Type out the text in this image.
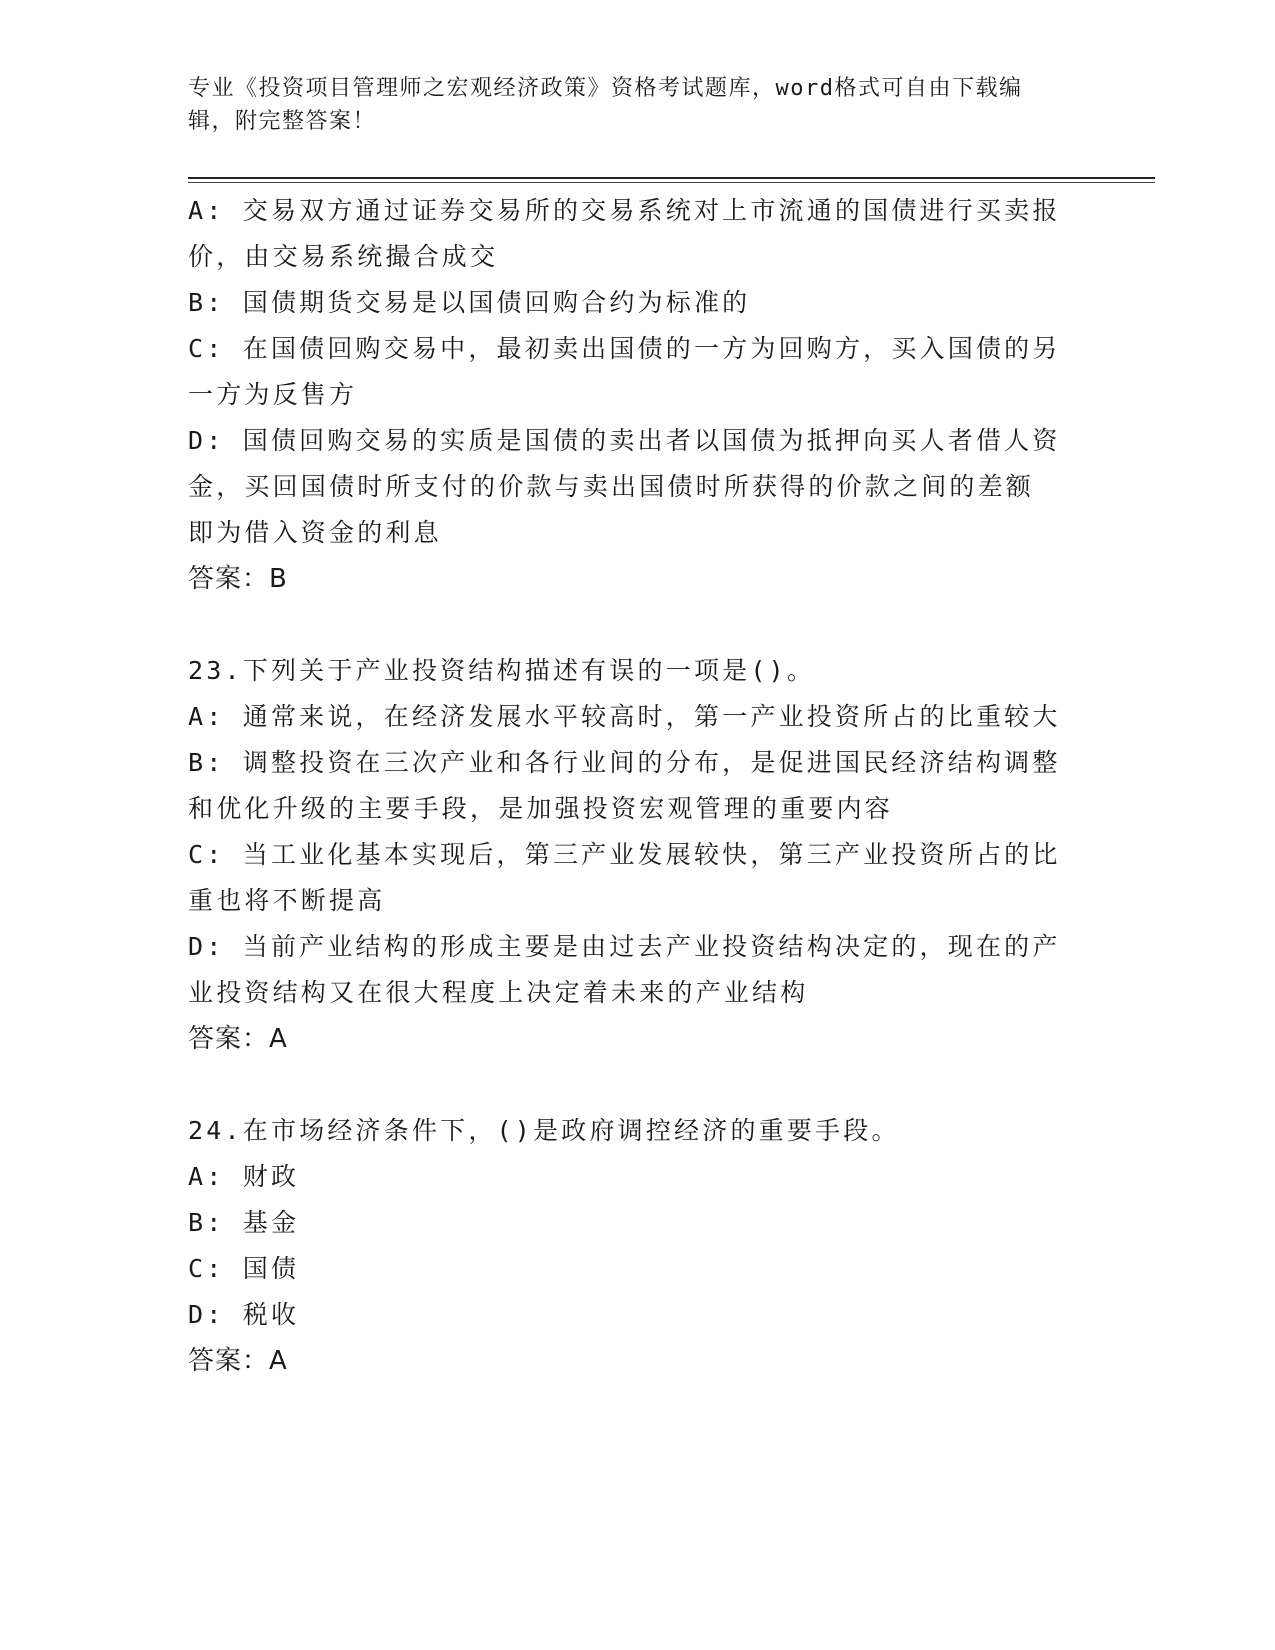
专业《投资项目管理师之宏观经济政策》资格考试题库，word格式可自由下载编
辑，附完整答案！
A: 交易双方通过证券交易所的交易系统对上市流通的国债进行买卖报
价，由交易系统撮合成交
B: 国债期货交易是以国债回购合约为标准的
C: 在国债回购交易中，最初卖出国债的一方为回购方，买入国债的另
一方为反售方
D: 国债回购交易的实质是国债的卖出者以国债为抵押向买人者借人资
金，买回国债时所支付的价款与卖出国债时所获得的价款之间的差额
即为借入资金的利息
答案：B
23.下列关于产业投资结构描述有误的一项是()。
A: 通常来说，在经济发展水平较高时，第一产业投资所占的比重较大
B: 调整投资在三次产业和各行业间的分布，是促进国民经济结构调整
和优化升级的主要手段，是加强投资宏观管理的重要内容
C: 当工业化基本实现后，第三产业发展较快，第三产业投资所占的比
重也将不断提高
D: 当前产业结构的形成主要是由过去产业投资结构决定的，现在的产
业投资结构又在很大程度上决定着未来的产业结构
答案：A
24.在市场经济条件下，()是政府调控经济的重要手段。
A: 财政
B: 基金
C: 国债
D: 税收
答案：A
